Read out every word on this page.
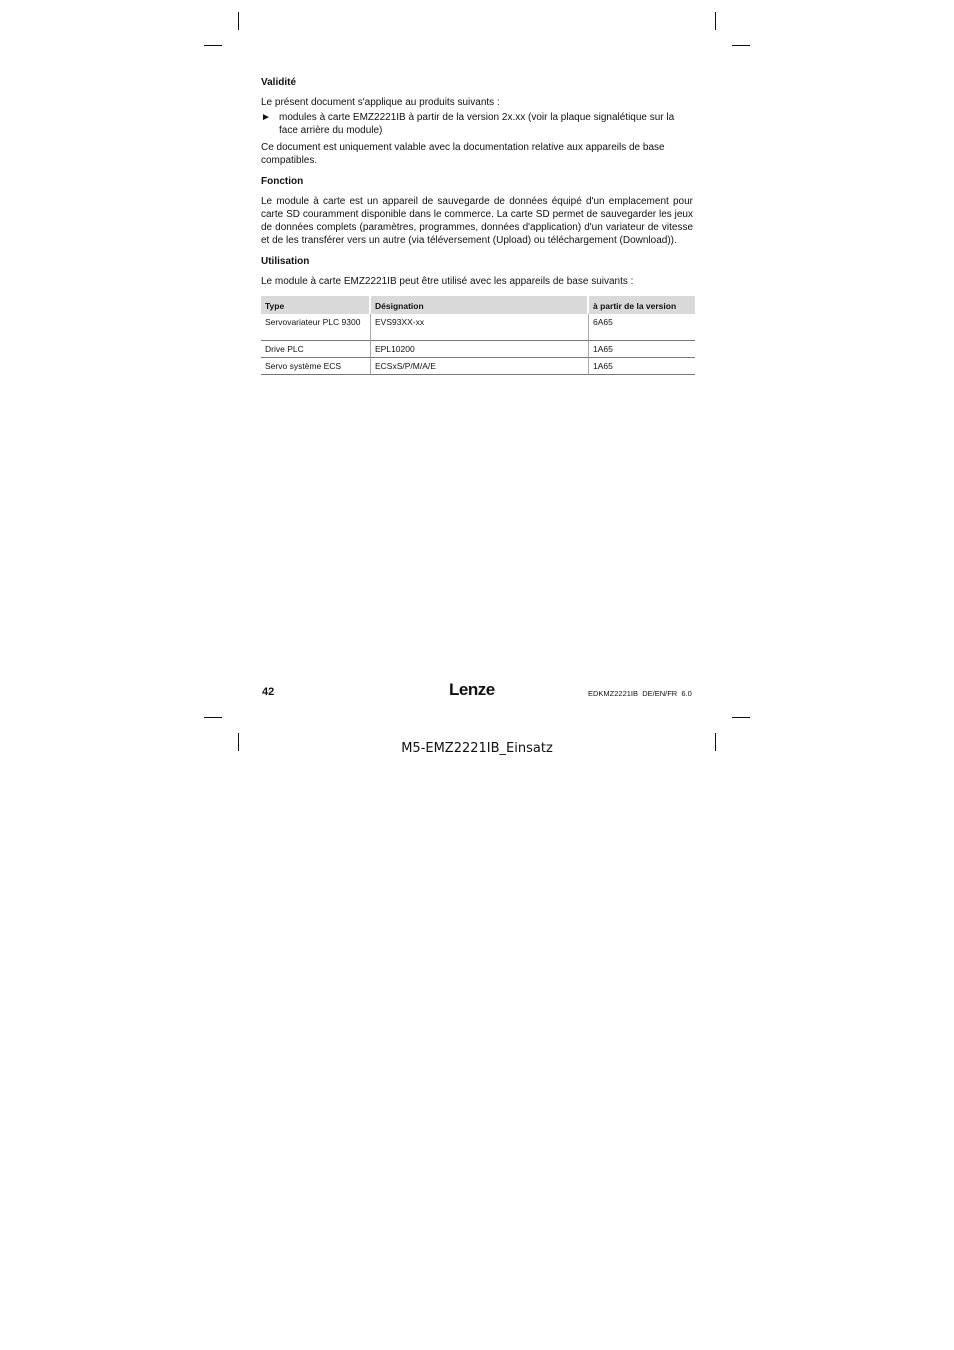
Validité

Le présent document s'applique au produits suivants :

► modules à carte EMZ2221IB à partir de la version 2x.xx (voir la plaque signalétique sur la face arrière du module)

Ce document est uniquement valable avec la documentation relative aux appareils de base compatibles.

Fonction

Le module à carte est un appareil de sauvegarde de données équipé d'un emplacement pour carte SD couramment disponible dans le commerce. La carte SD permet de sauvegarder les jeux de données complets (paramètres, programmes, données d'application) d'un variateur de vitesse et de les transférer vers un autre (via téléversement (Upload) ou téléchargement (Download)).

Utilisation

Le module à carte EMZ2221IB peut être utilisé avec les appareils de base suivants :

Type	Désignation	à partir de la version
Servovariateur PLC 9300	EVS93XX-xx	6A65
Drive PLC	EPL10200	1A65
Servo système ECS	ECSxS/P/M/A/E	1A65
42	Lenze	EDKMZ2221IB  DE/EN/FR  6.0
M5-EMZ2221IB_Einsatz
